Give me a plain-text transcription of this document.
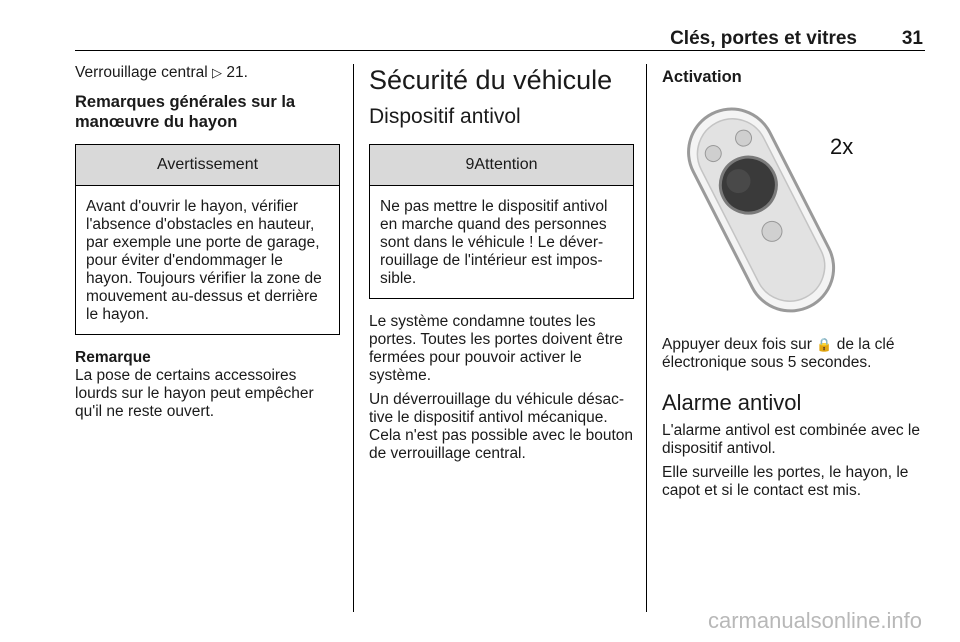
Clés, portes et vitres 31

Verrouillage central ▷ 21.

Remarques générales sur la manœuvre du hayon
Avertissement
Avant d'ouvrir le hayon, vérifier l'absence d'obstacles en hauteur, par exemple une porte de garage, pour éviter d'endommager le hayon. Toujours vérifier la zone de mouvement au-dessus et derrière le hayon.
Remarque
La pose de certains accessoires lourds sur le hayon peut empêcher qu'il ne reste ouvert.
Sécurité du véhicule
Dispositif antivol
9Attention
Ne pas mettre le dispositif antivol en marche quand des personnes sont dans le véhicule ! Le déver-rouillage de l'intérieur est impos-sible.

Le système condamne toutes les portes. Toutes les portes doivent être fermées pour pouvoir activer le système.

Un déverrouillage du véhicule désac-tive le dispositif antivol mécanique. Cela n'est pas possible avec le bouton de verrouillage central.

Activation
2x

Appuyer deux fois sur 🔒 de la clé électronique sous 5 secondes.

Alarme antivol

L'alarme antivol est combinée avec le dispositif antivol.

Elle surveille les portes, le hayon, le capot et si le contact est mis.

carmanualsonline.info
